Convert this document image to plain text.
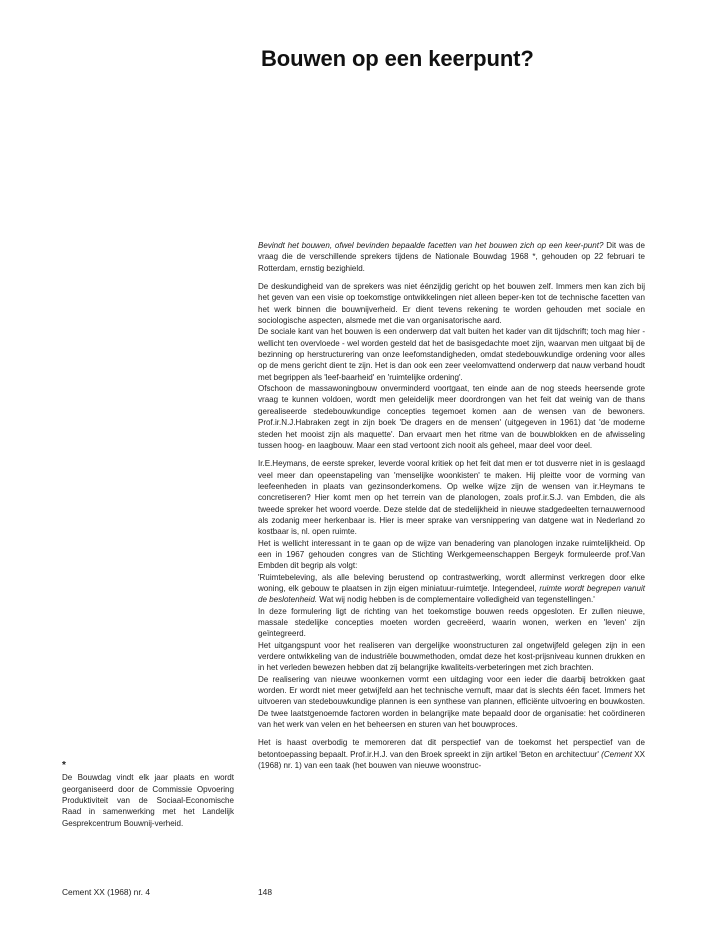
Bouwen op een keerpunt?

Bevindt het bouwen, ofwel bevinden bepaalde facetten van het bouwen zich op een keer-punt? Dit was de vraag die de verschillende sprekers tijdens de Nationale Bouwdag 1968 *, gehouden op 22 februari te Rotterdam, ernstig bezighield.

De deskundigheid van de sprekers was niet éénzijdig gericht op het bouwen zelf. Immers men kan zich bij het geven van een visie op toekomstige ontwikkelingen niet alleen beper-ken tot de technische facetten van het werk binnen die bouwnijverheid. Er dient tevens rekening te worden gehouden met sociale en sociologische aspecten, alsmede met die van organisatorische aard.

De sociale kant van het bouwen is een onderwerp dat valt buiten het kader van dit tijdschrift; toch mag hier - wellicht ten overvloede - wel worden gesteld dat het de basisgedachte moet zijn, waarvan men uitgaat bij de bezinning op herstructurering van onze leefomstandigheden, omdat stedebouwkundige ordening voor alles op de mens gericht dient te zijn. Het is dan ook een zeer veelomvattend onderwerp dat nauw verband houdt met begrippen als 'leef-baarheid' en 'ruimtelijke ordening'.

Ofschoon de massawoningbouw onverminderd voortgaat, ten einde aan de nog steeds heersende grote vraag te kunnen voldoen, wordt men geleidelijk meer doordrongen van het feit dat weinig van de thans gerealiseerde stedebouwkundige concepties tegemoet komen aan de wensen van de bewoners. Prof.ir.N.J.Habraken zegt in zijn boek 'De dragers en de mensen' (uitgegeven in 1961) dat 'de moderne steden het mooist zijn als maquette'. Dan ervaart men het ritme van de bouwblokken en de afwisseling tussen hoog- en laagbouw. Maar een stad vertoont zich nooit als geheel, maar deel voor deel.

Ir.E.Heymans, de eerste spreker, leverde vooral kritiek op het feit dat men er tot dusverre niet in is geslaagd veel meer dan opeenstapeling van 'menselijke woonkisten' te maken. Hij pleitte voor de vorming van leefeenheden in plaats van gezinsonderkomens. Op welke wijze zijn de wensen van ir.Heymans te concretiseren? Hier komt men op het terrein van de planologen, zoals prof.ir.S.J. van Embden, die als tweede spreker het woord voerde. Deze stelde dat de stedelijkheid in nieuwe stadgedeelten ternauwernood als zodanig meer herkenbaar is. Hier is meer sprake van versnippering van datgene wat in Nederland zo kostbaar is, nl. open ruimte.

Het is wellicht interessant in te gaan op de wijze van benadering van planologen inzake ruimtelijkheid. Op een in 1967 gehouden congres van de Stichting Werkgemeenschappen Bergeyk formuleerde prof.Van Embden dit begrip als volgt:

'Ruimtebeleving, als alle beleving berustend op contrastwerking, wordt allerminst verkregen door elke woning, elk gebouw te plaatsen in zijn eigen miniatuur-ruimtetje. Integendeel, ruimte wordt begrepen vanuit de beslotenheid. Wat wij nodig hebben is de complementaire volledigheid van tegenstellingen.'

In deze formulering ligt de richting van het toekomstige bouwen reeds opgesloten. Er zullen nieuwe, massale stedelijke concepties moeten worden gecreëerd, waarin wonen, werken en 'leven' zijn geïntegreerd.

Het uitgangspunt voor het realiseren van dergelijke woonstructuren zal ongetwijfeld gelegen zijn in een verdere ontwikkeling van de industriële bouwmethoden, omdat deze het kost-prijsniveau kunnen drukken en in het verleden bewezen hebben dat zij belangrijke kwaliteits-verbeteringen met zich brachten.

De realisering van nieuwe woonkernen vormt een uitdaging voor een ieder die daarbij betrokken gaat worden. Er wordt niet meer getwijfeld aan het technische vernuft, maar dat is slechts één facet. Immers het uitvoeren van stedebouwkundige plannen is een synthese van plannen, efficiënte uitvoering en bouwkosten. De twee laatstgenoemde factoren worden in belangrijke mate bepaald door de organisatie: het coördineren van het werk van velen en het beheersen en sturen van het bouwproces.

Het is haast overbodig te memoreren dat dit perspectief van de toekomst het perspectief van de betontoepassing bepaalt. Prof.ir.H.J. van den Broek spreekt in zijn artikel 'Beton en architectuur' (Cement XX (1968) nr. 1) van een taak (het bouwen van nieuwe woonstruc-

*
De Bouwdag vindt elk jaar plaats en wordt georganiseerd door de Commissie Opvoering Produktiviteit van de Sociaal-Economische Raad in samenwerking met het Landelijk Gesprekcentrum Bouwnij-verheid.
Cement XX (1968) nr. 4	148
